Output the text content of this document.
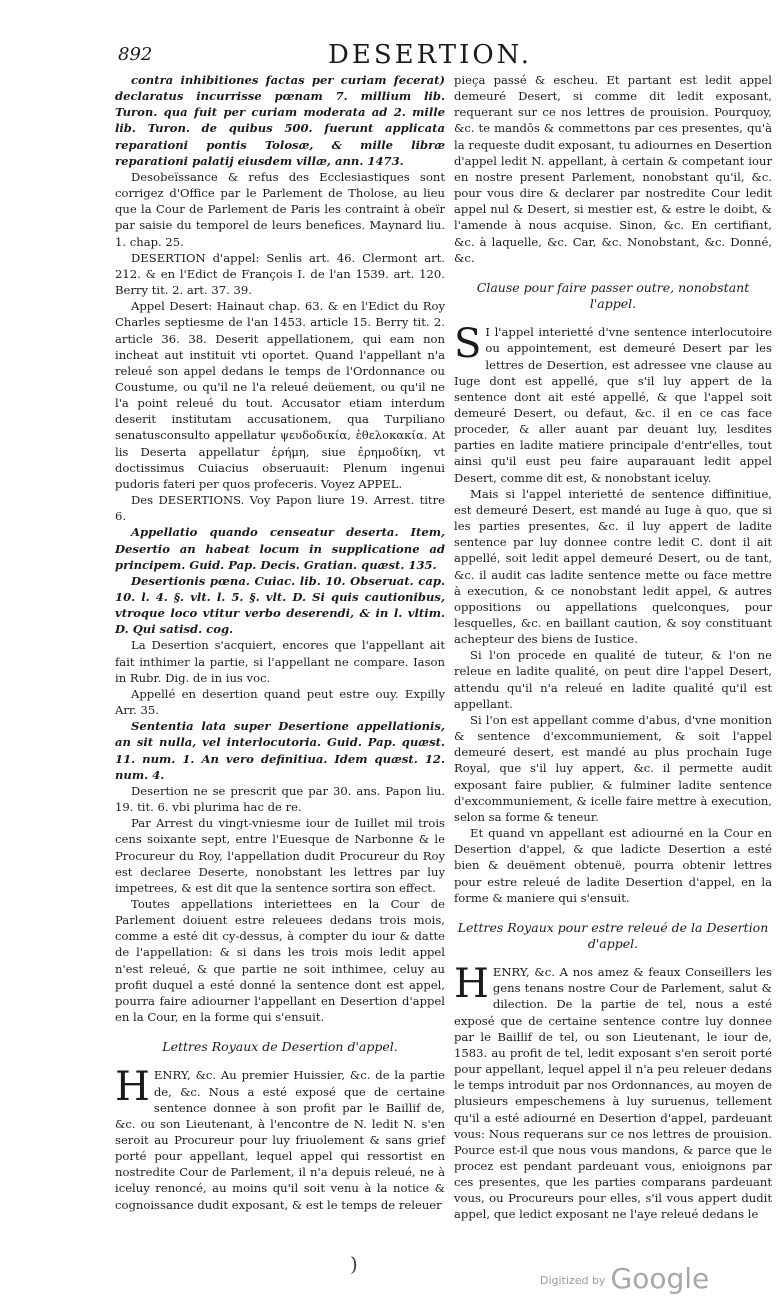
892	DESERTION.

contra inhibitiones factas per curiam fecerat) declaratus incurrisse pœnam 7. millium lib. Turon. qua fuit per curiam moderata ad 2. mille lib. Turon. de quibus 500. fuerunt applicata reparationi pontis Tolosæ, & mille libræ reparationi palatij eiusdem villæ, ann. 1473.

Desobeïssance & refus des Ecclesiastiques sont corrigez d'Office par le Parlement de Tholose, au lieu que la Cour de Parlement de Paris les contraint à obeïr par saisie du temporel de leurs benefices. Maynard liu. 1. chap. 25.

DESERTION d'appel: Senlis art. 46. Clermont art. 212. & en l'Edict de François I. de l'an 1539. art. 120. Berry tit. 2. art. 37. 39.

Appel Desert: Hainaut chap. 63. & en l'Edict du Roy Charles septiesme de l'an 1453. article 15. Berry tit. 2. article 36. 38. Deserit appellationem, qui eam non incheat aut instituit vti oportet. Quand l'appellant n'a releué son appel dedans le temps de l'Ordonnance ou Coustume, ou qu'il ne l'a releué deüement, ou qu'il ne l'a point releué du tout. Accusator etiam interdum deserit institutam accusationem, qua Turpiliano senatusconsulto appellatur ψευδοδικία, ἐθελοκακία. At lis Deserta appellatur ἐρήμη, siue ἐρημοδίκη, vt doctissimus Cuiacius obseruauit: Plenum ingenui pudoris fateri per quos profeceris. Voyez APPEL.

Des DESERTIONS. Voy Papon liure 19. Arrest. titre 6.

Appellatio quando censeatur deserta. Item, Desertio an habeat locum in supplicatione ad principem. Guid. Pap. Decis. Gratian. quæst. 135.

Desertionis pœna. Cuiac. lib. 10. Obseruat. cap. 10. l. 4. §. vlt. l. 5. §. vlt. D. Si quis cautionibus, vtroque loco vtitur verbo deserendi, & in l. vltim. D. Qui satisd. cog.

La Desertion s'acquiert, encores que l'appellant ait fait inthimer la partie, si l'appellant ne compare. Iason in Rubr. Dig. de in ius voc.

Appellé en desertion quand peut estre ouy. Expilly Arr. 35.

Sententia lata super Desertione appellationis, an sit nulla, vel interlocutoria. Guid. Pap. quæst. 11. num. 1. An vero definitiua. Idem quæst. 12. num. 4.

Desertion ne se prescrit que par 30. ans. Papon liu. 19. tit. 6. vbi plurima hac de re.

Par Arrest du vingt-vniesme iour de Iuillet mil trois cens soixante sept, entre l'Euesque de Narbonne & le Procureur du Roy, l'appellation dudit Procureur du Roy est declaree Deserte, nonobstant les lettres par luy impetrees, & est dit que la sentence sortira son effect.

Toutes appellations interiettees en la Cour de Parlement doiuent estre releuees dedans trois mois, comme a esté dit cy-dessus, à compter du iour & datte de l'appellation: & si dans les trois mois ledit appel n'est releué, & que partie ne soit inthimee, celuy au profit duquel a esté donné la sentence dont est appel, pourra faire adiourner l'appellant en Desertion d'appel en la Cour, en la forme qui s'ensuit.

Lettres Royaux de Desertion d'appel.

HENRY, &c. Au premier Huissier, &c. de la partie de, &c. Nous a esté exposé que de certaine sentence donnee à son profit par le Baillif de, &c. ou son Lieutenant, à l'encontre de N. ledit N. s'en seroit au Procureur pour luy friuolement & sans grief porté pour appellant, lequel appel qui ressortist en nostredite Cour de Parlement, il n'a depuis releué, ne à iceluy renoncé, au moins qu'il soit venu à la notice & cognoissance dudit exposant, & est le temps de releuer

pieça passé & escheu. Et partant est ledit appel demeuré Desert, si comme dit ledit exposant, requerant sur ce nos lettres de prouision. Pourquoy, &c. te mandōs & commettons par ces presentes, qu'à la requeste dudit exposant, tu adiournes en Desertion d'appel ledit N. appellant, à certain & competant iour en nostre present Parlement, nonobstant qu'il, &c. pour vous dire & declarer par nostredite Cour ledit appel nul & Desert, si mestier est, & estre le doibt, & l'amende à nous acquise. Sinon, &c. En certifiant, &c. à laquelle, &c. Car, &c. Nonobstant, &c. Donné, &c.

Clause pour faire passer outre, nonobstant l'appel.

S I l'appel interietté d'vne sentence interlocutoire ou appointement, est demeuré Desert par les lettres de Desertion, est adressee vne clause au Iuge dont est appellé, que s'il luy appert de la sentence dont ait esté appellé, & que l'appel soit demeuré Desert, ou defaut, &c. il en ce cas face proceder, & aller auant par deuant luy, lesdites parties en ladite matiere principale d'entr'elles, tout ainsi qu'il eust peu faire auparauant ledit appel Desert, comme dit est, & nonobstant iceluy.

Mais si l'appel interietté de sentence diffinitiue, est demeuré Desert, est mandé au Iuge à quo, que si les parties presentes, &c. il luy appert de ladite sentence par luy donnee contre ledit C. dont il ait appellé, soit ledit appel demeuré Desert, ou de tant, &c. il audit cas ladite sentence mette ou face mettre à execution, & ce nonobstant ledit appel, & autres oppositions ou appellations quelconques, pour lesquelles, &c. en baillant caution, & soy constituant achepteur des biens de Iustice.

Si l'on procede en qualité de tuteur, & l'on ne releue en ladite qualité, on peut dire l'appel Desert, attendu qu'il n'a releué en ladite qualité qu'il est appellant.

Si l'on est appellant comme d'abus, d'vne monition & sentence d'excommuniement, & soit l'appel demeuré desert, est mandé au plus prochain Iuge Royal, que s'il luy appert, &c. il permette audit exposant faire publier, & fulminer ladite sentence d'excommuniement, & icelle faire mettre à execution, selon sa forme & teneur.

Et quand vn appellant est adiourné en la Cour en Desertion d'appel, & que ladicte Desertion a esté bien & deuëment obtenuë, pourra obtenir lettres pour estre releué de ladite Desertion d'appel, en la forme & maniere qui s'ensuit.

Lettres Royaux pour estre releué de la Desertion d'appel.

HENRY, &c. A nos amez & feaux Conseillers les gens tenans nostre Cour de Parlement, salut & dilection. De la partie de tel, nous a esté exposé que de certaine sentence contre luy donnee par le Baillif de tel, ou son Lieutenant, le iour de, 1583. au profit de tel, ledit exposant s'en seroit porté pour appellant, lequel appel il n'a peu releuer dedans le temps introduit par nos Ordonnances, au moyen de plusieurs empeschemens à luy suruenus, tellement qu'il a esté adiourné en Desertion d'appel, pardeuant vous: Nous requerans sur ce nos lettres de prouision. Pource est-il que nous vous mandons, & parce que le procez est pendant pardeuant vous, enioignons par ces presentes, que les parties comparans pardeuant vous, ou Procureurs pour elles, s'il vous appert dudit appel, que ledict exposant ne l'aye releué dedans le

)
$^{Digitized by}$ Google
